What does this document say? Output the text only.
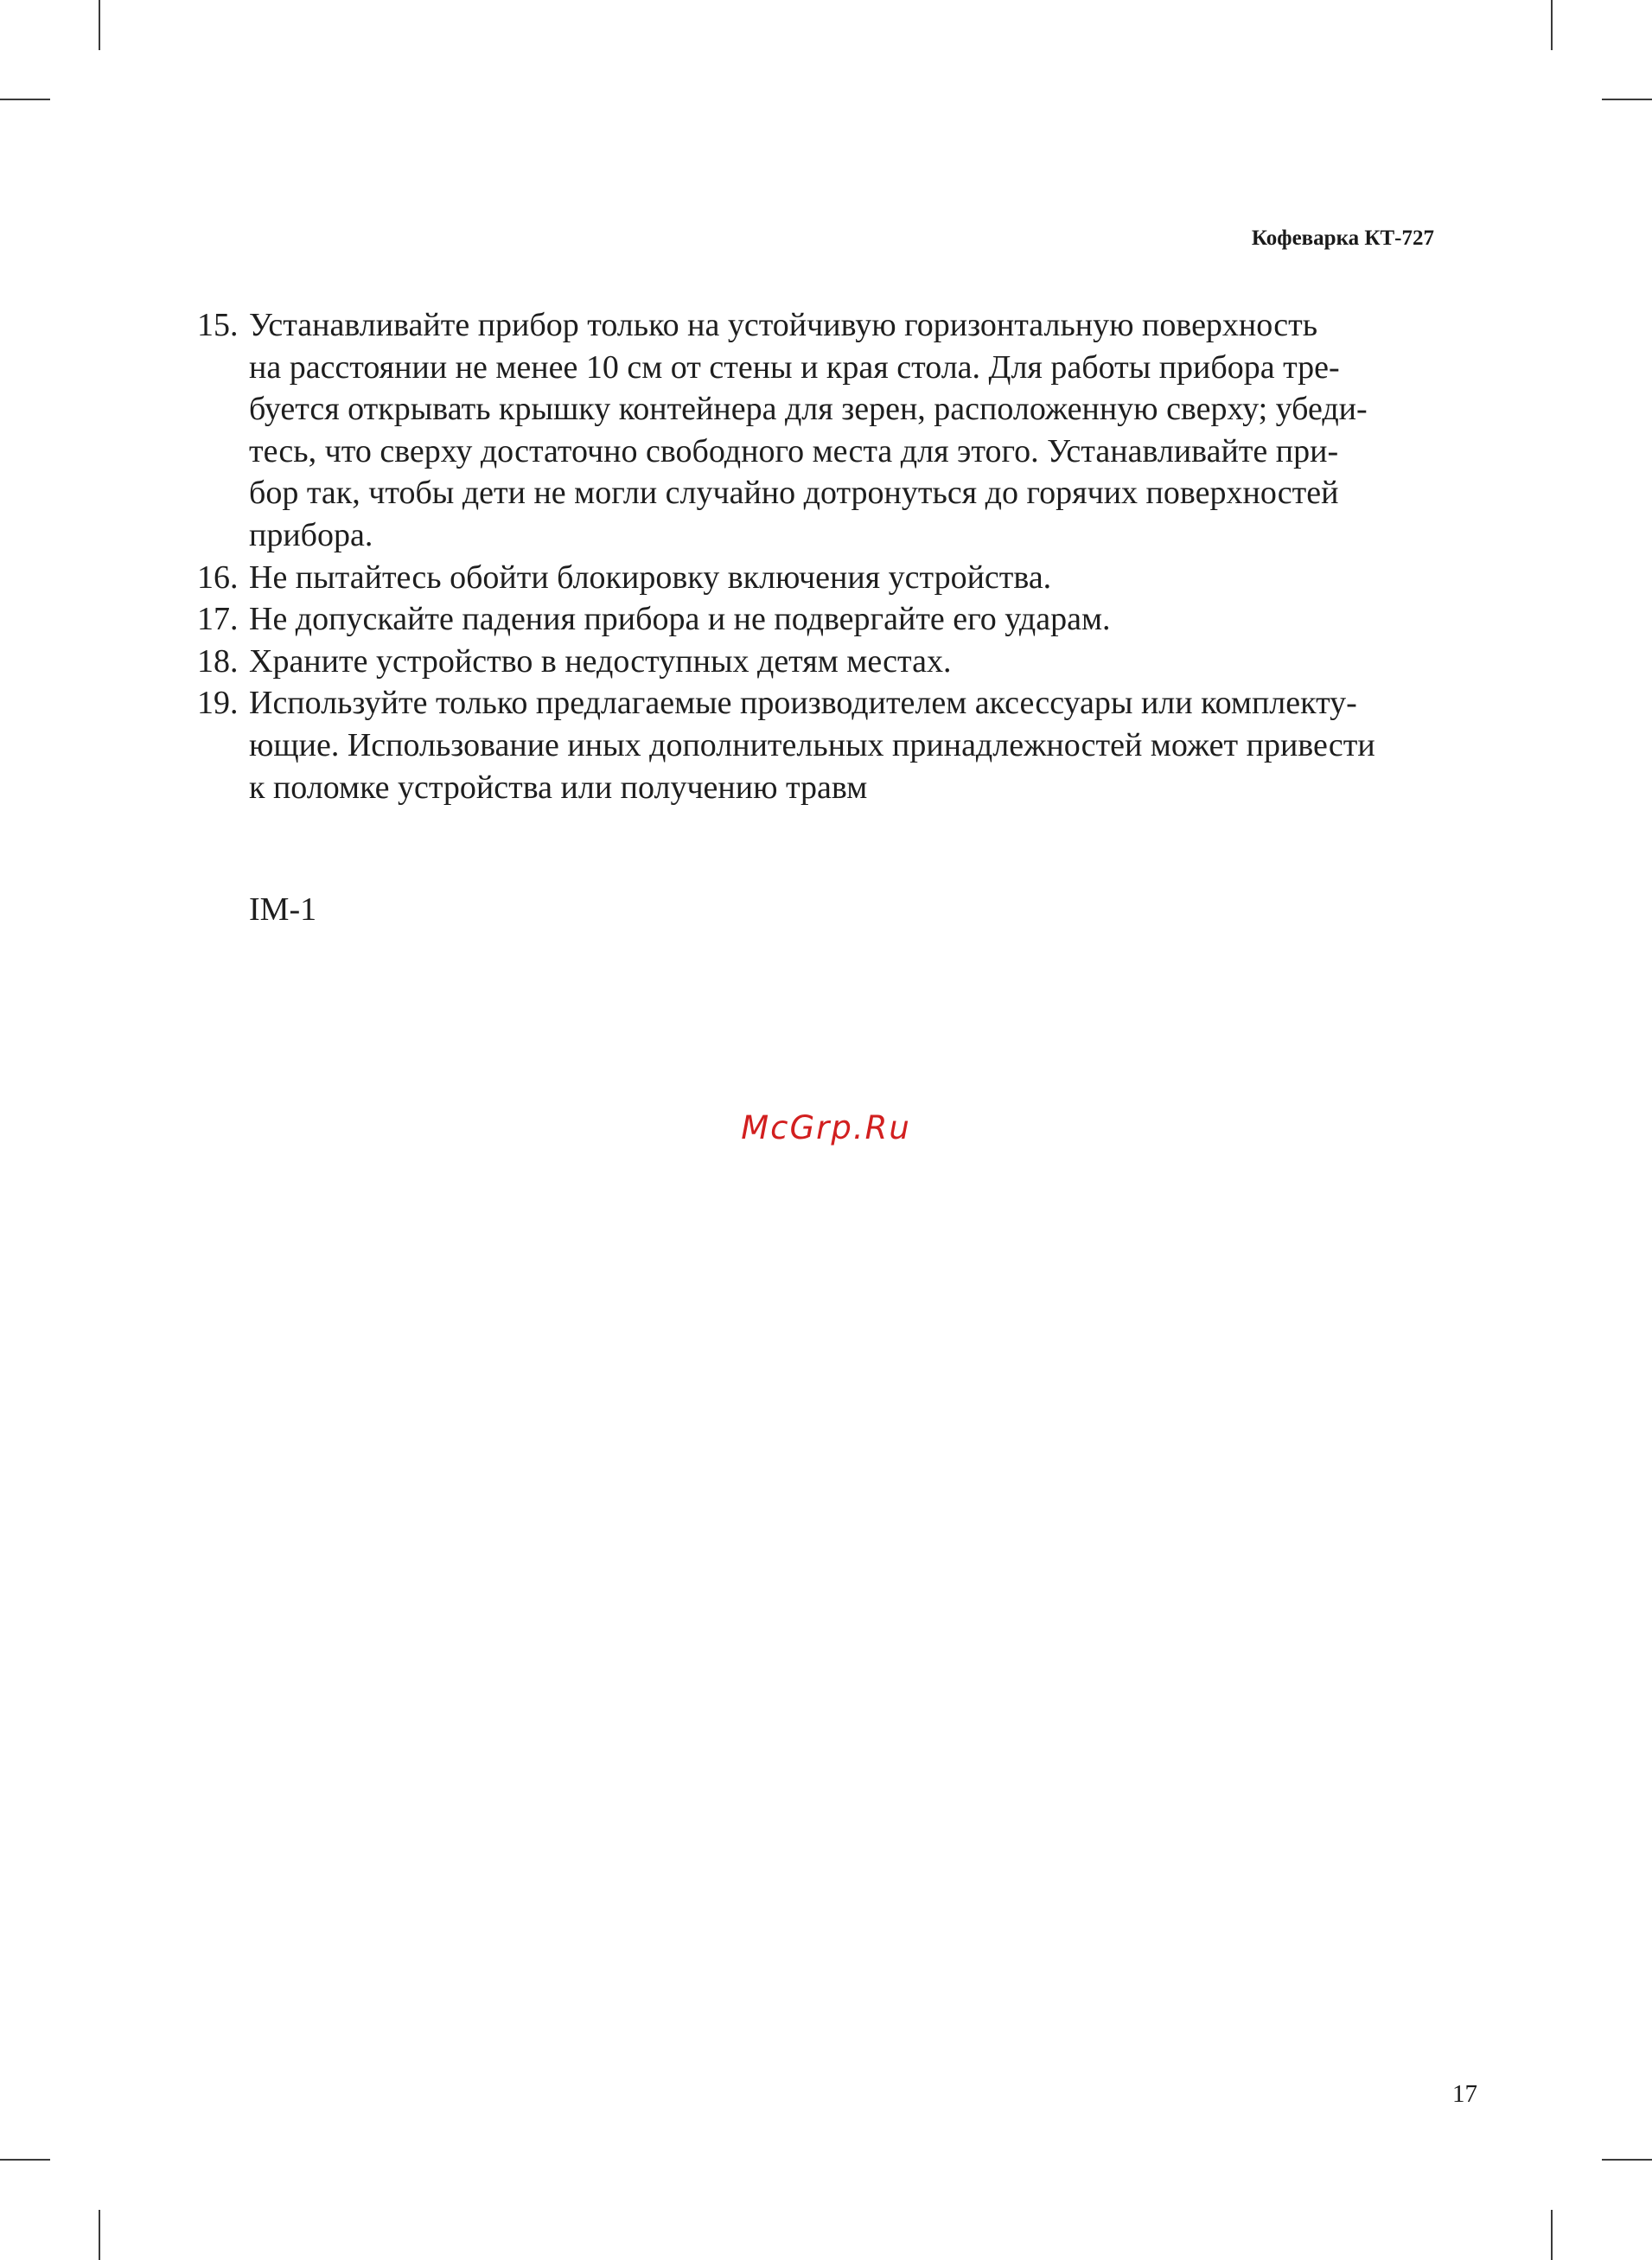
Кофеварка КТ-727
15. Устанавливайте прибор только на устойчивую горизонтальную поверхность
на расстоянии не менее 10 см от стены и края стола. Для работы прибора тре-
буется открывать крышку контейнера для зерен, расположенную сверху; убеди-
тесь, что сверху достаточно свободного места для этого. Устанавливайте при-
бор так, чтобы дети не могли случайно дотронуться до горячих поверхностей
прибора.
16. Не пытайтесь обойти блокировку включения устройства.
17. Не допускайте падения прибора и не подвергайте его ударам.
18. Храните устройство в недоступных детям местах.
19. Используйте только предлагаемые производителем аксессуары или комплекту-
ющие. Использование иных дополнительных принадлежностей может привести
к поломке устройства или получению травм
IM-1
McGrp.Ru
17
